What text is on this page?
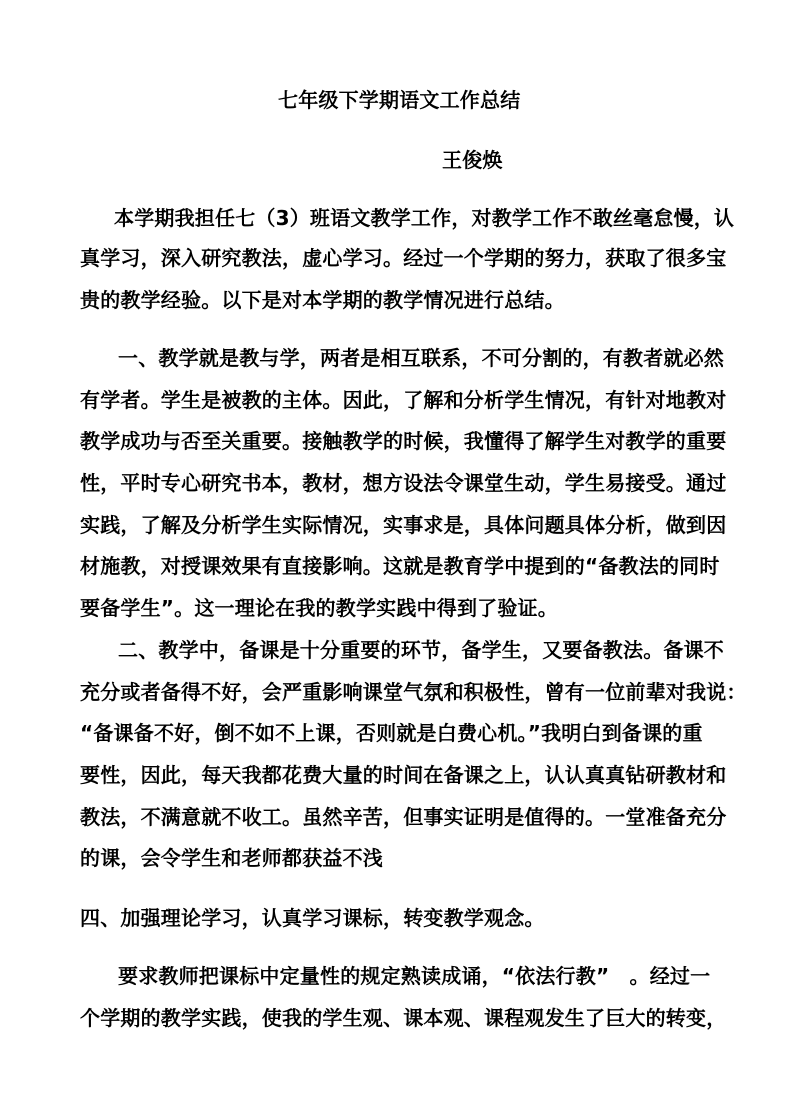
七年级下学期语文工作总结
王俊焕
本学期我担任七（3）班语文教学工作，对教学工作不敢丝毫怠慢，认
真学习，深入研究教法，虚心学习。经过一个学期的努力，获取了很多宝
贵的教学经验。以下是对本学期的教学情况进行总结。
一、教学就是教与学，两者是相互联系，不可分割的，有教者就必然
有学者。学生是被教的主体。因此，了解和分析学生情况，有针对地教对
教学成功与否至关重要。接触教学的时候，我懂得了解学生对教学的重要
性，平时专心研究书本，教材，想方设法令课堂生动，学生易接受。通过
实践，了解及分析学生实际情况，实事求是，具体问题具体分析，做到因
材施教，对授课效果有直接影响。这就是教育学中提到的“备教法的同时
要备学生”。这一理论在我的教学实践中得到了验证。
二、教学中，备课是十分重要的环节，备学生，又要备教法。备课不
充分或者备得不好，会严重影响课堂气氛和积极性，曾有一位前辈对我说：
“备课备不好，倒不如不上课，否则就是白费心机。”我明白到备课的重
要性，因此，每天我都花费大量的时间在备课之上，认认真真钻研教材和
教法，不满意就不收工。虽然辛苦，但事实证明是值得的。一堂准备充分
的课，会令学生和老师都获益不浅
四、加强理论学习，认真学习课标，转变教学观念。
要求教师把课标中定量性的规定熟读成诵，“依法行教”　。经过一
个学期的教学实践，使我的学生观、课本观、课程观发生了巨大的转变，
